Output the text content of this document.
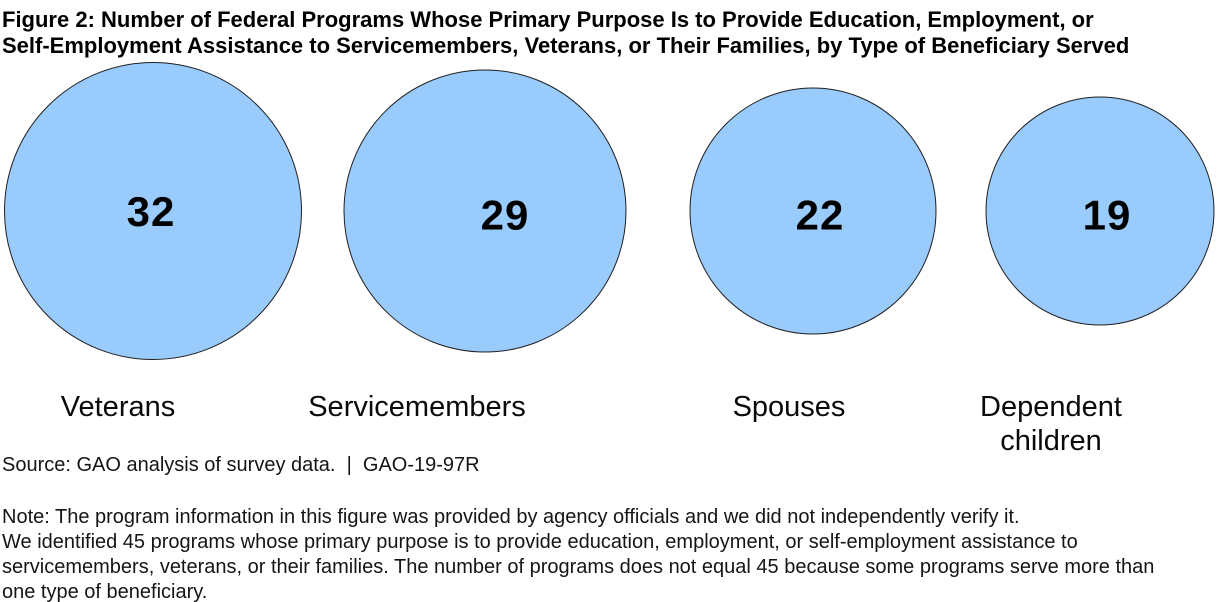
Figure 2: Number of Federal Programs Whose Primary Purpose Is to Provide Education, Employment, or
Self-Employment Assistance to Servicemembers, Veterans, or Their Families, by Type of Beneficiary Served
32	29	22	19
Veterans	Servicemembers	Spouses	Dependent children
Source: GAO analysis of survey data.  |  GAO-19-97R
Note: The program information in this figure was provided by agency officials and we did not independently verify it.
We identified 45 programs whose primary purpose is to provide education, employment, or self-employment assistance to
servicemembers, veterans, or their families. The number of programs does not equal 45 because some programs serve more than
one type of beneficiary.
